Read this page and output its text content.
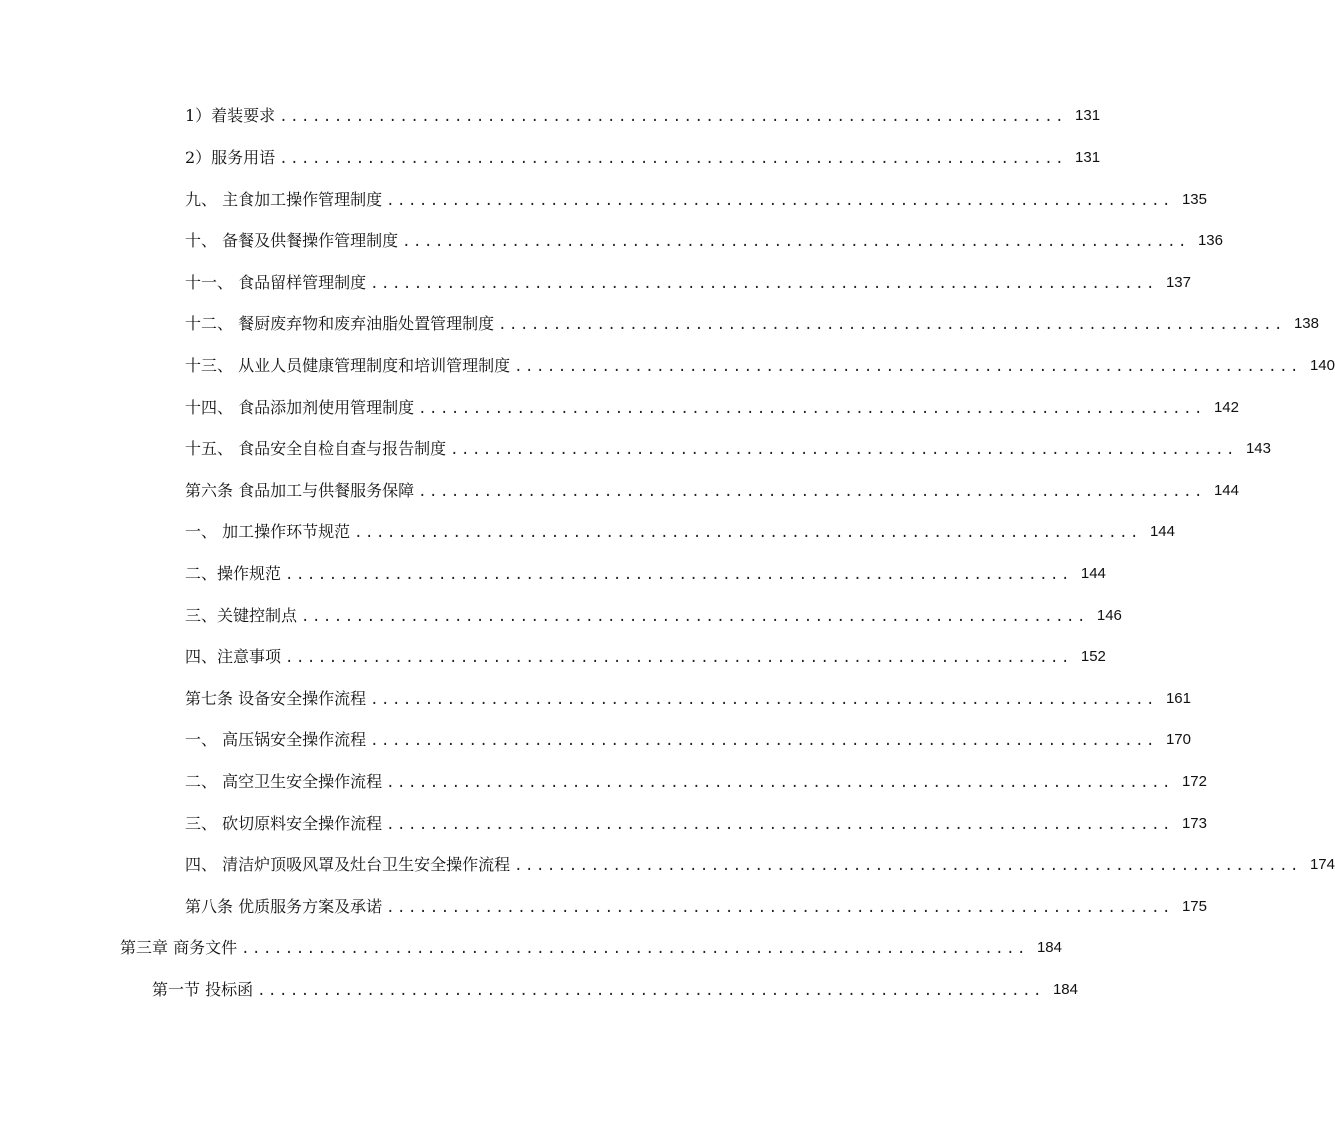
1）着装要求 ........................................................................ 131
2）服务用语 ........................................................................ 131
九、 主食加工操作管理制度 ........................................................................ 135
十、 备餐及供餐操作管理制度 ........................................................................ 136
十一、 食品留样管理制度 ........................................................................ 137
十二、 餐厨废弃物和废弃油脂处置管理制度 ........................................................................ 138
十三、 从业人员健康管理制度和培训管理制度 ........................................................................ 140
十四、 食品添加剂使用管理制度 ........................................................................ 142
十五、 食品安全自检自查与报告制度 ........................................................................ 143
第六条 食品加工与供餐服务保障 ........................................................................ 144
一、 加工操作环节规范 ........................................................................ 144
二、操作规范 ........................................................................ 144
三、关键控制点 ........................................................................ 146
四、注意事项 ........................................................................ 152
第七条 设备安全操作流程 ........................................................................ 161
一、 高压锅安全操作流程 ........................................................................ 170
二、 高空卫生安全操作流程 ........................................................................ 172
三、 砍切原料安全操作流程 ........................................................................ 173
四、 清洁炉顶吸风罩及灶台卫生安全操作流程 ........................................................................ 174
第八条 优质服务方案及承诺 ........................................................................ 175
第三章 商务文件 ........................................................................ 184
第一节 投标函 ........................................................................ 184
